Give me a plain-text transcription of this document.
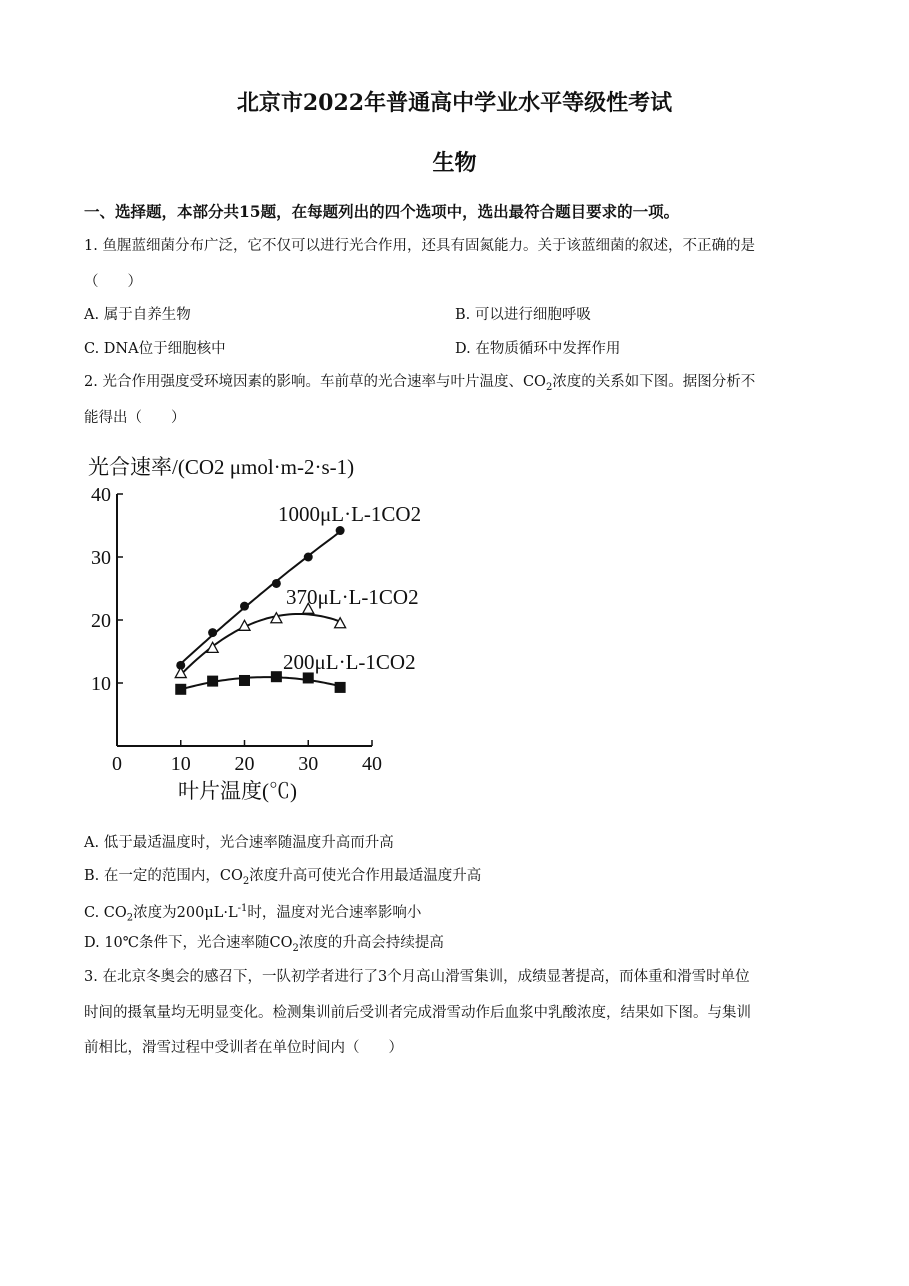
北京市2022年普通高中学业水平等级性考试
生物
一、选择题，本部分共15题，在每题列出的四个选项中，选出最符合题目要求的一项。
1. 鱼腥蓝细菌分布广泛，它不仅可以进行光合作用，还具有固氮能力。关于该蓝细菌的叙述，不正确的是
（　　）
A. 属于自养生物	B. 可以进行细胞呼吸
C. DNA位于细胞核中	D. 在物质循环中发挥作用
2. 光合作用强度受环境因素的影响。车前草的光合速率与叶片温度、$CO_2$浓度的关系如下图。据图分析不
能得出（　　）
光合速率/(CO2 μmol·m-2·s-1)
叶片温度(℃)
0 10 20 30 40
10
20
30
40
1000μL·L-1CO2
370μL·L-1CO2
200μL·L-1CO2
A. 低于最适温度时，光合速率随温度升高而升高
B. 在一定的范围内，$CO_2$浓度升高可使光合作用最适温度升高
C. $CO_2$浓度为$200\mu L\cdot L^{-1}$时，温度对光合速率影响小
D. 10℃条件下，光合速率随$CO_2$浓度的升高会持续提高
3. 在北京冬奥会的感召下，一队初学者进行了3个月高山滑雪集训，成绩显著提高，而体重和滑雪时单位
时间的摄氧量均无明显变化。检测集训前后受训者完成滑雪动作后血浆中乳酸浓度，结果如下图。与集训
前相比，滑雪过程中受训者在单位时间内（　　）
